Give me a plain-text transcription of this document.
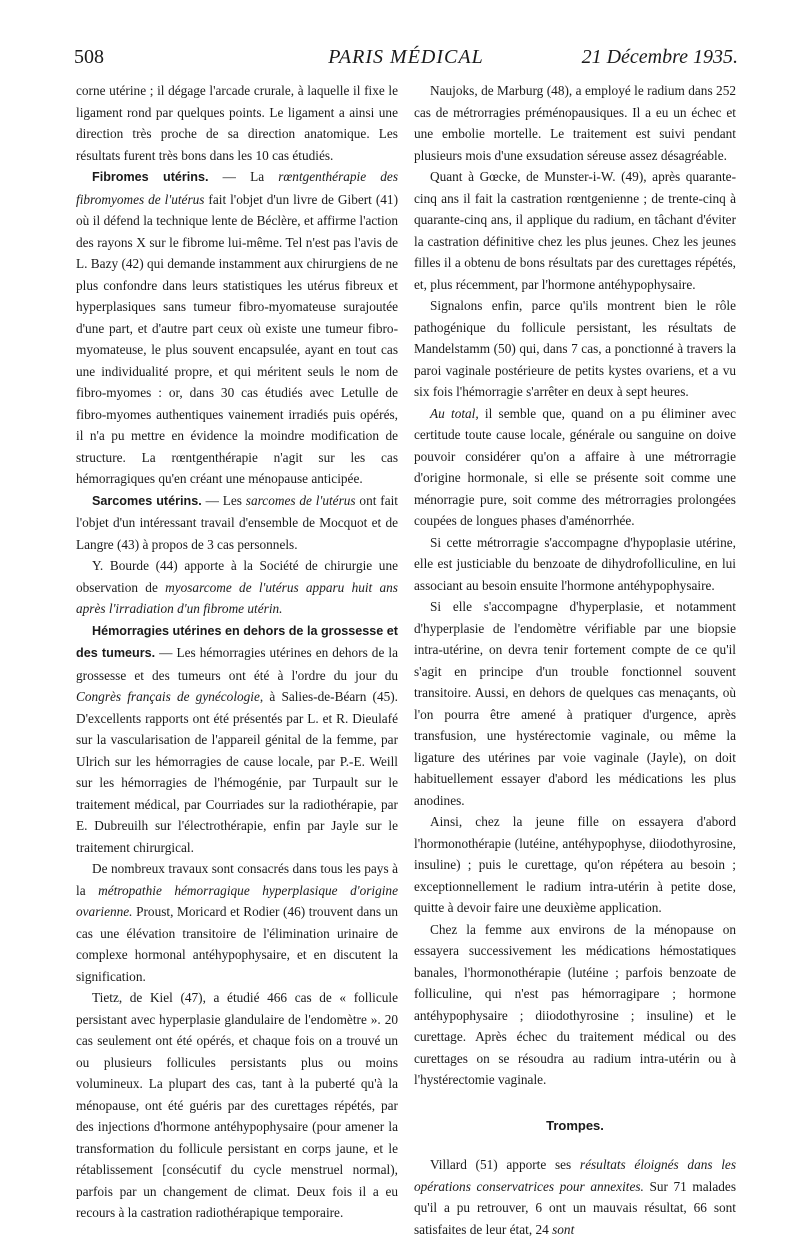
508	PARIS MÉDICAL	21 Décembre 1935.

corne utérine ; il dégage l'arcade crurale, à laquelle il fixe le ligament rond par quelques points. Le ligament a ainsi une direction très proche de sa direction anatomique. Les résultats furent très bons dans les 10 cas étudiés.

Fibromes utérins. — La rœntgenthérapie des fibromyomes de l'utérus fait l'objet d'un livre de Gibert (41) où il défend la technique lente de Béclère, et affirme l'action des rayons X sur le fibrome lui-même. Tel n'est pas l'avis de L. Bazy (42) qui demande instamment aux chirurgiens de ne plus confondre dans leurs statistiques les utérus fibreux et hyperplasiques sans tumeur fibro-myomateuse surajoutée d'une part, et d'autre part ceux où existe une tumeur fibro-myomateuse, le plus souvent encapsulée, ayant en tout cas une individualité propre, et qui méritent seuls le nom de fibro-myomes : or, dans 30 cas étudiés avec Letulle de fibro-myomes authentiques vainement irradiés puis opérés, il n'a pu mettre en évidence la moindre modification de structure. La rœntgenthérapie n'agit sur les cas hémorragiques qu'en créant une ménopause anticipée.

Sarcomes utérins. — Les sarcomes de l'utérus ont fait l'objet d'un intéressant travail d'ensemble de Mocquot et de Langre (43) à propos de 3 cas personnels.

Y. Bourde (44) apporte à la Société de chirurgie une observation de myosarcome de l'utérus apparu huit ans après l'irradiation d'un fibrome utérin.

Hémorragies utérines en dehors de la grossesse et des tumeurs. — Les hémorragies utérines en dehors de la grossesse et des tumeurs ont été à l'ordre du jour du Congrès français de gynécologie, à Salies-de-Béarn (45). D'excellents rapports ont été présentés par L. et R. Dieulafé sur la vascularisation de l'appareil génital de la femme, par Ulrich sur les hémorragies de cause locale, par P.-E. Weill sur les hémorragies de l'hémogénie, par Turpault sur le traitement médical, par Courriades sur la radiothérapie, par E. Dubreuilh sur l'électrothérapie, enfin par Jayle sur le traitement chirurgical.

De nombreux travaux sont consacrés dans tous les pays à la métropathie hémorragique hyperplasique d'origine ovarienne. Proust, Moricard et Rodier (46) trouvent dans un cas une élévation transitoire de l'élimination urinaire de complexe hormonal antéhypophysaire, et en discutent la signification.

Tietz, de Kiel (47), a étudié 466 cas de « follicule persistant avec hyperplasie glandulaire de l'endomètre ». 20 cas seulement ont été opérés, et chaque fois on a trouvé un ou plusieurs follicules persistants plus ou moins volumineux. La plupart des cas, tant à la puberté qu'à la ménopause, ont été guéris par des curettages répétés, par des injections d'hormone antéhypophysaire (pour amener la transformation du follicule persistant en corps jaune, et le rétablissement [consécutif du cycle menstruel normal), parfois par un changement de climat. Deux fois il a eu recours à la castration radiothérapique temporaire.

Naujoks, de Marburg (48), a employé le radium dans 252 cas de métrorragies préménopausiques. Il a eu un échec et une embolie mortelle. Le traitement est suivi pendant plusieurs mois d'une exsudation séreuse assez désagréable.

Quant à Gœcke, de Munster-i-W. (49), après quarante-cinq ans il fait la castration rœntgenienne ; de trente-cinq à quarante-cinq ans, il applique du radium, en tâchant d'éviter la castration définitive chez les plus jeunes. Chez les jeunes filles il a obtenu de bons résultats par des curettages répétés, et, plus récemment, par l'hormone antéhypophysaire.

Signalons enfin, parce qu'ils montrent bien le rôle pathogénique du follicule persistant, les résultats de Mandelstamm (50) qui, dans 7 cas, a ponctionné à travers la paroi vaginale postérieure de petits kystes ovariens, et a vu six fois l'hémorragie s'arrêter en deux à sept heures.

Au total, il semble que, quand on a pu éliminer avec certitude toute cause locale, générale ou sanguine on doive pouvoir considérer qu'on a affaire à une métrorragie d'origine hormonale, si elle se présente soit comme une ménorragie pure, soit comme des métrorragies prolongées coupées de longues phases d'aménorrhée.

Si cette métrorragie s'accompagne d'hypoplasie utérine, elle est justiciable du benzoate de dihydrofolliculine, en lui associant au besoin ensuite l'hormone antéhypophysaire.

Si elle s'accompagne d'hyperplasie, et notamment d'hyperplasie de l'endomètre vérifiable par une biopsie intra-utérine, on devra tenir fortement compte de ce qu'il s'agit en principe d'un trouble fonctionnel souvent transitoire. Aussi, en dehors de quelques cas menaçants, où l'on pourra être amené à pratiquer d'urgence, après transfusion, une hystérectomie vaginale, ou même la ligature des utérines par voie vaginale (Jayle), on doit habituellement essayer d'abord les médications les plus anodines.

Ainsi, chez la jeune fille on essayera d'abord l'hormonothérapie (lutéine, antéhypophyse, diiodothyrosine, insuline) ; puis le curettage, qu'on répétera au besoin ; exceptionnellement le radium intra-utérin à petite dose, quitte à devoir faire une deuxième application.

Chez la femme aux environs de la ménopause on essayera successivement les médications hémostatiques banales, l'hormonothérapie (lutéine ; parfois benzoate de folliculine, qui n'est pas hémorragipare ; hormone antéhypophysaire ; diiodothyrosine ; insuline) et le curettage. Après échec du traitement médical ou des curettages on se résoudra au radium intra-utérin ou à l'hystérectomie vaginale.

Trompes.

Villard (51) apporte ses résultats éloignés dans les opérations conservatrices pour annexites. Sur 71 malades qu'il a pu retrouver, 6 ont un mauvais résultat, 66 sont satisfaites de leur état, 24 sont
